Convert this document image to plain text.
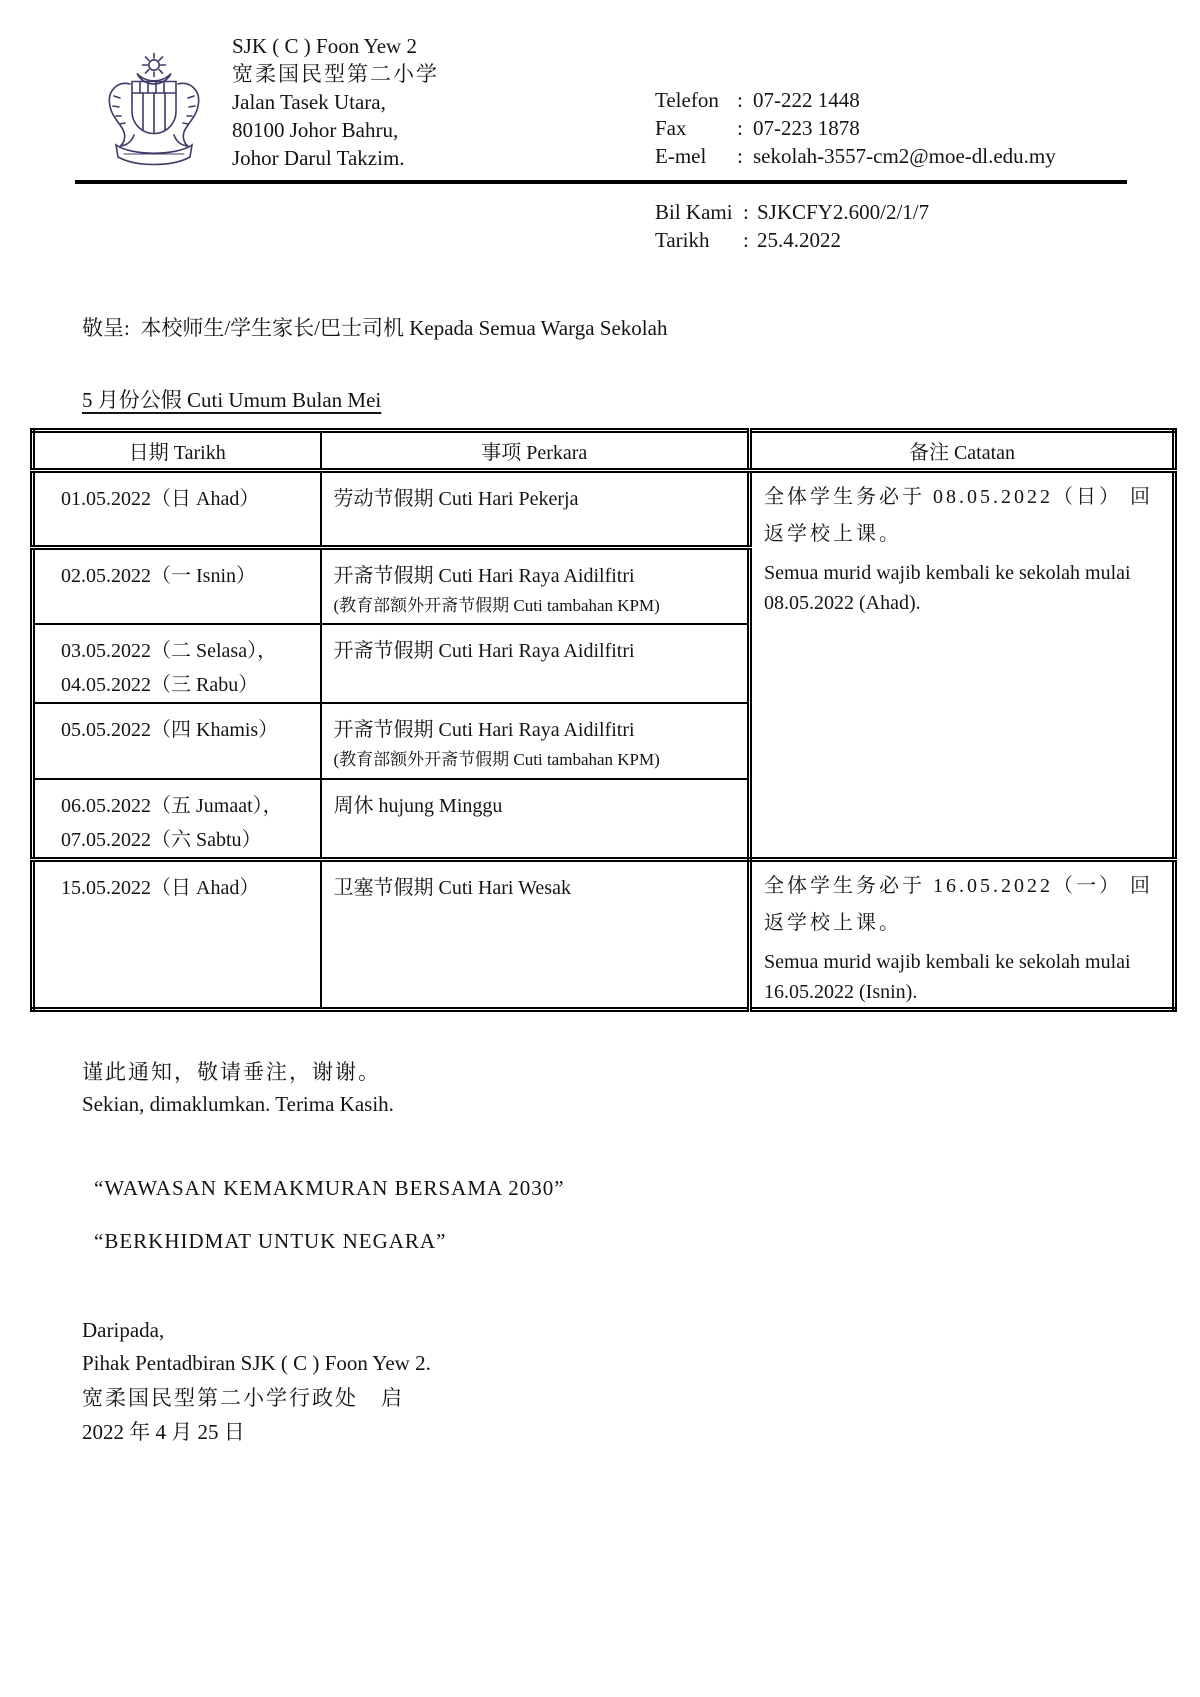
SJK ( C ) Foon Yew 2
宽柔国民型第二小学
Jalan Tasek Utara,
80100 Johor Bahru,
Johor Darul Takzim.
Telefon : 07-222 1448
Fax : 07-223 1878
E-mel : sekolah-3557-cm2@moe-dl.edu.my
Bil Kami : SJKCFY2.600/2/1/7
Tarikh : 25.4.2022
敬呈:  本校师生/学生家长/巴士司机 Kepada Semua Warga Sekolah
5 月份公假 Cuti Umum Bulan Mei
日期 Tarikh	事项 Perkara	备注 Catatan

01.05.2022（日 Ahad）	劳动节假期 Cuti Hari Pekerja	全体学生务必于 08.05.2022（日） 回返学校上课。
Semua murid wajib kembali ke sekolah mulai 08.05.2022 (Ahad).

02.05.2022（一 Isnin）	开斋节假期 Cuti Hari Raya Aidilfitri
(教育部额外开斋节假期 Cuti tambahan KPM)	

03.05.2022（二 Selasa），
04.05.2022（三 Rabu）	开斋节假期 Cuti Hari Raya Aidilfitri	

05.05.2022（四 Khamis）	开斋节假期 Cuti Hari Raya Aidilfitri
(教育部额外开斋节假期 Cuti tambahan KPM)	

06.05.2022（五 Jumaat），
07.05.2022（六 Sabtu）	周休 hujung Minggu	

15.05.2022（日 Ahad）	卫塞节假期 Cuti Hari Wesak	全体学生务必于 16.05.2022（一） 回返学校上课。
Semua murid wajib kembali ke sekolah mulai 16.05.2022 (Isnin).
谨此通知，敬请垂注，谢谢。
Sekian, dimaklumkan. Terima Kasih.
“WAWASAN KEMAKMURAN BERSAMA 2030”
“BERKHIDMAT UNTUK NEGARA”
Daripada,
Pihak Pentadbiran SJK ( C ) Foon Yew 2.
宽柔国民型第二小学行政处　启
2022 年 4 月 25 日
